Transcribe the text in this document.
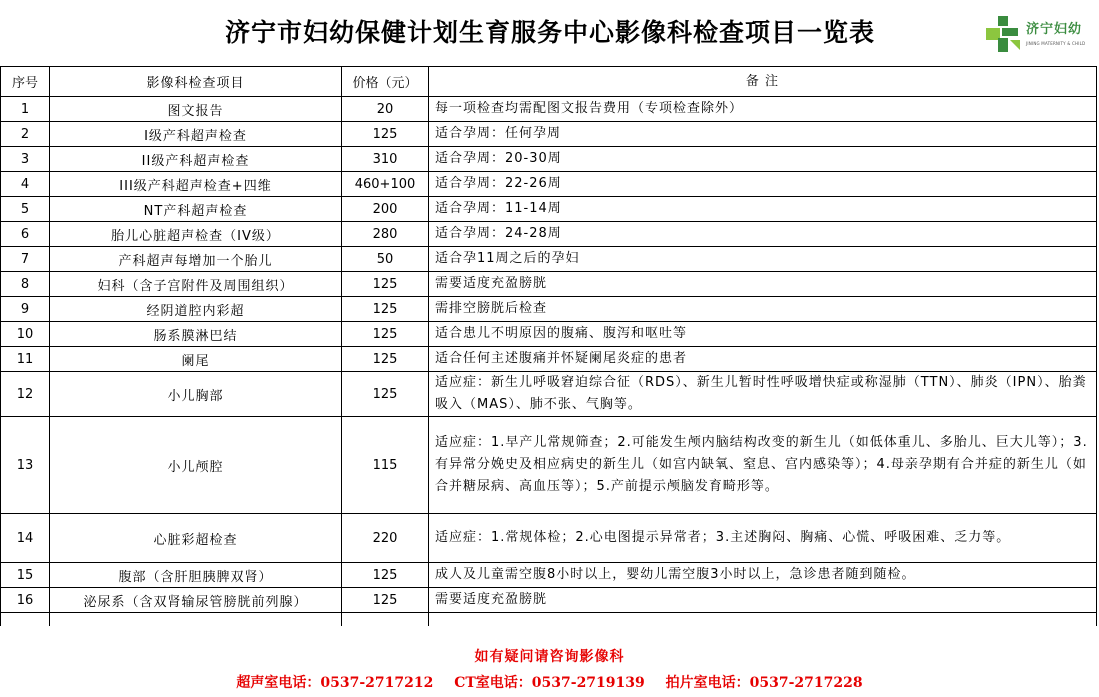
济宁市妇幼保健计划生育服务中心影像科检查项目一览表	济宁妇幼
JINING MATERNITY & CHILD
序号	影像科检查项目	价格（元）	备 注
1	图文报告	20	每一项检查均需配图文报告费用（专项检查除外）
2	I级产科超声检查	125	适合孕周：任何孕周
3	II级产科超声检查	310	适合孕周：20-30周
4	III级产科超声检查+四维	460+100	适合孕周：22-26周
5	NT产科超声检查	200	适合孕周：11-14周
6	胎儿心脏超声检查（IV级）	280	适合孕周：24-28周
7	产科超声每增加一个胎儿	50	适合孕11周之后的孕妇
8	妇科（含子宫附件及周围组织）	125	需要适度充盈膀胱
9	经阴道腔内彩超	125	需排空膀胱后检查
10	肠系膜淋巴结	125	适合患儿不明原因的腹痛、腹泻和呕吐等
11	阑尾	125	适合任何主述腹痛并怀疑阑尾炎症的患者
12	小儿胸部	125	适应症：新生儿呼吸窘迫综合征（RDS）、新生儿暂时性呼吸增快症或称湿肺（TTN）、肺炎（IPN）、胎粪吸入（MAS）、肺不张、气胸等。
13	小儿颅腔	115	适应症：1.早产儿常规筛查；2.可能发生颅内脑结构改变的新生儿（如低体重儿、多胎儿、巨大儿等）；3.有异常分娩史及相应病史的新生儿（如宫内缺氧、窒息、宫内感染等）；4.母亲孕期有合并症的新生儿（如合并糖尿病、高血压等）；5.产前提示颅脑发育畸形等。
14	心脏彩超检查	220	适应症：1.常规体检；2.心电图提示异常者；3.主述胸闷、胸痛、心慌、呼吸困难、乏力等。
15	腹部（含肝胆胰脾双肾）	125	成人及儿童需空腹8小时以上，婴幼儿需空腹3小时以上，急诊患者随到随检。
16	泌尿系（含双肾输尿管膀胱前列腺）	125	需要适度充盈膀胱

如有疑问请咨询影像科
超声室电话：0537-2717212 CT室电话：0537-2719139 拍片室电话：0537-2717228
